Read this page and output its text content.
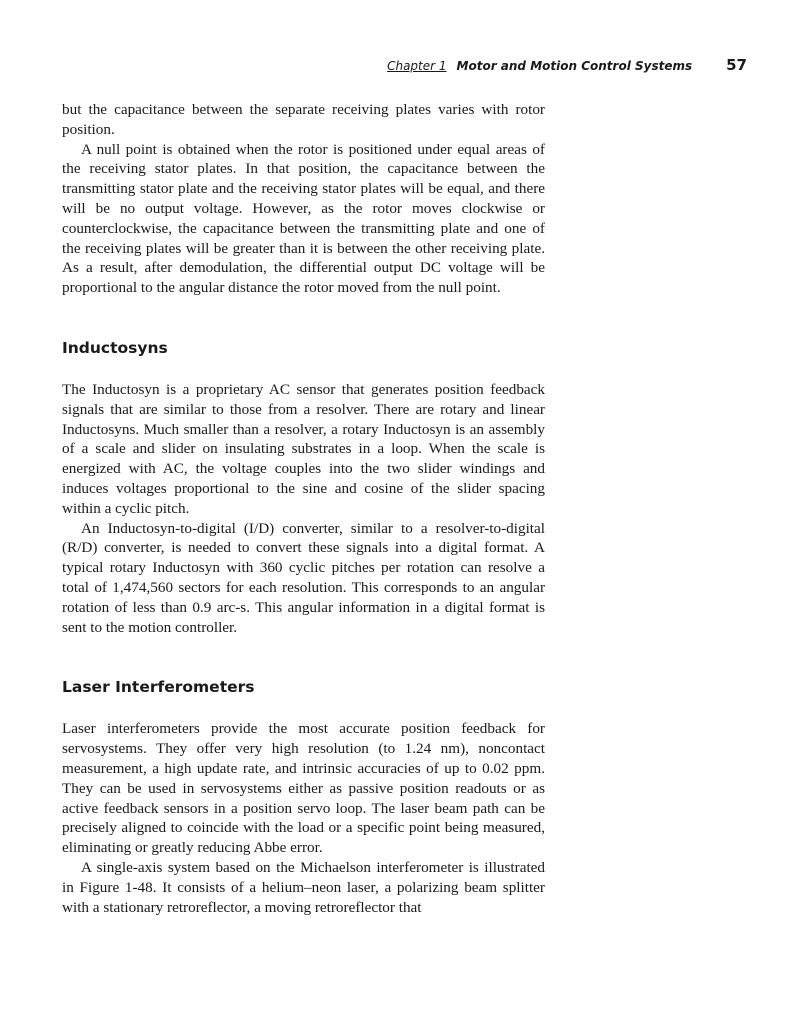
Chapter 1 Motor and Motion Control Systems 57

but the capacitance between the separate receiving plates varies with rotor position.

A null point is obtained when the rotor is positioned under equal areas of the receiving stator plates. In that position, the capacitance between the transmitting stator plate and the receiving stator plates will be equal, and there will be no output voltage. However, as the rotor moves clockwise or counterclockwise, the capacitance between the transmitting plate and one of the receiving plates will be greater than it is between the other receiving plate. As a result, after demodulation, the differential output DC voltage will be proportional to the angular distance the rotor moved from the null point.

Inductosyns

The Inductosyn is a proprietary AC sensor that generates position feedback signals that are similar to those from a resolver. There are rotary and linear Inductosyns. Much smaller than a resolver, a rotary Inductosyn is an assembly of a scale and slider on insulating substrates in a loop. When the scale is energized with AC, the voltage couples into the two slider windings and induces voltages proportional to the sine and cosine of the slider spacing within a cyclic pitch.

An Inductosyn-to-digital (I/D) converter, similar to a resolver-to-digital (R/D) converter, is needed to convert these signals into a digital format. A typical rotary Inductosyn with 360 cyclic pitches per rotation can resolve a total of 1,474,560 sectors for each resolution. This corresponds to an angular rotation of less than 0.9 arc-s. This angular information in a digital format is sent to the motion controller.

Laser Interferometers

Laser interferometers provide the most accurate position feedback for servosystems. They offer very high resolution (to 1.24 nm), noncontact measurement, a high update rate, and intrinsic accuracies of up to 0.02 ppm. They can be used in servosystems either as passive position readouts or as active feedback sensors in a position servo loop. The laser beam path can be precisely aligned to coincide with the load or a specific point being measured, eliminating or greatly reducing Abbe error.

A single-axis system based on the Michaelson interferometer is illustrated in Figure 1-48. It consists of a helium–neon laser, a polarizing beam splitter with a stationary retroreflector, a moving retroreflector that
